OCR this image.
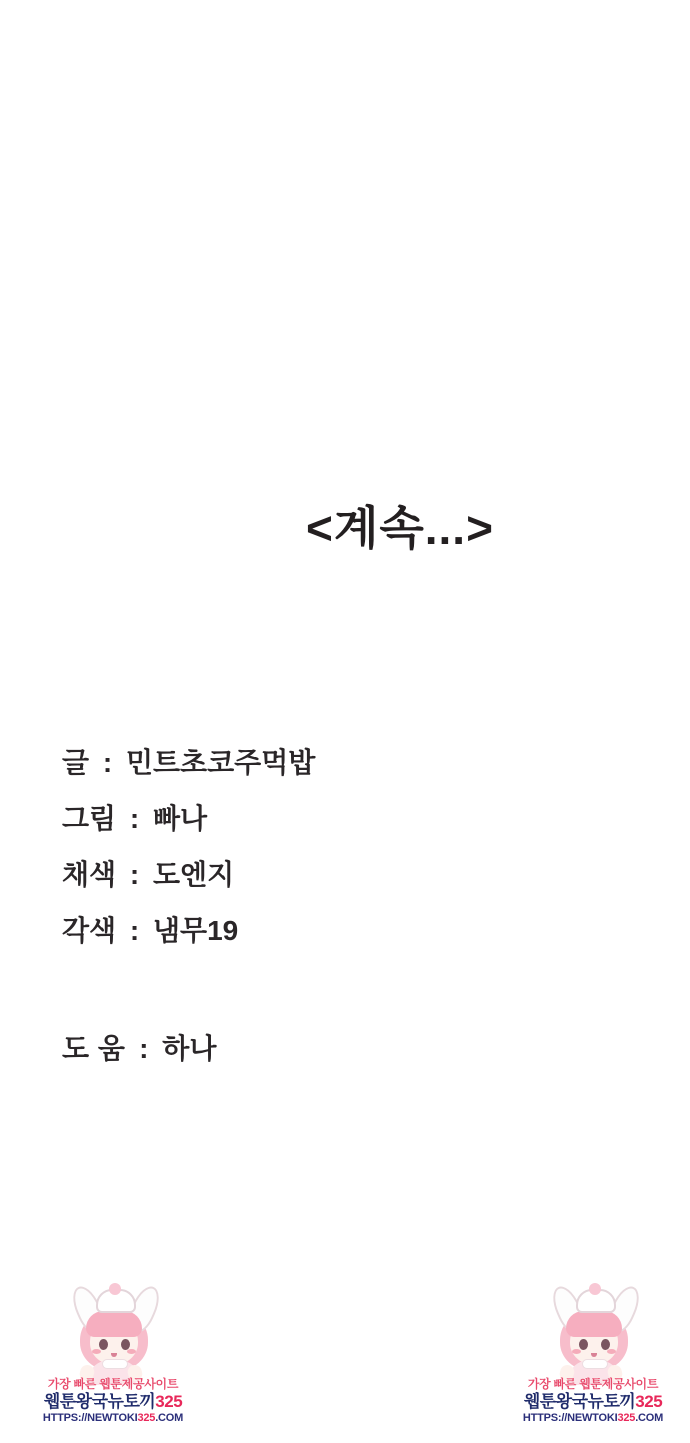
<계속...>
글 : 민트초코주먹밥
그림 : 빠나
채색 : 도엔지
각색 : 냄무19
도 움 : 하나
가장 빠른 웹툰제공사이트
웹툰왕국뉴토끼325
HTTPS://NEWTOKI325.COM
가장 빠른 웹툰제공사이트
웹툰왕국뉴토끼325
HTTPS://NEWTOKI325.COM
